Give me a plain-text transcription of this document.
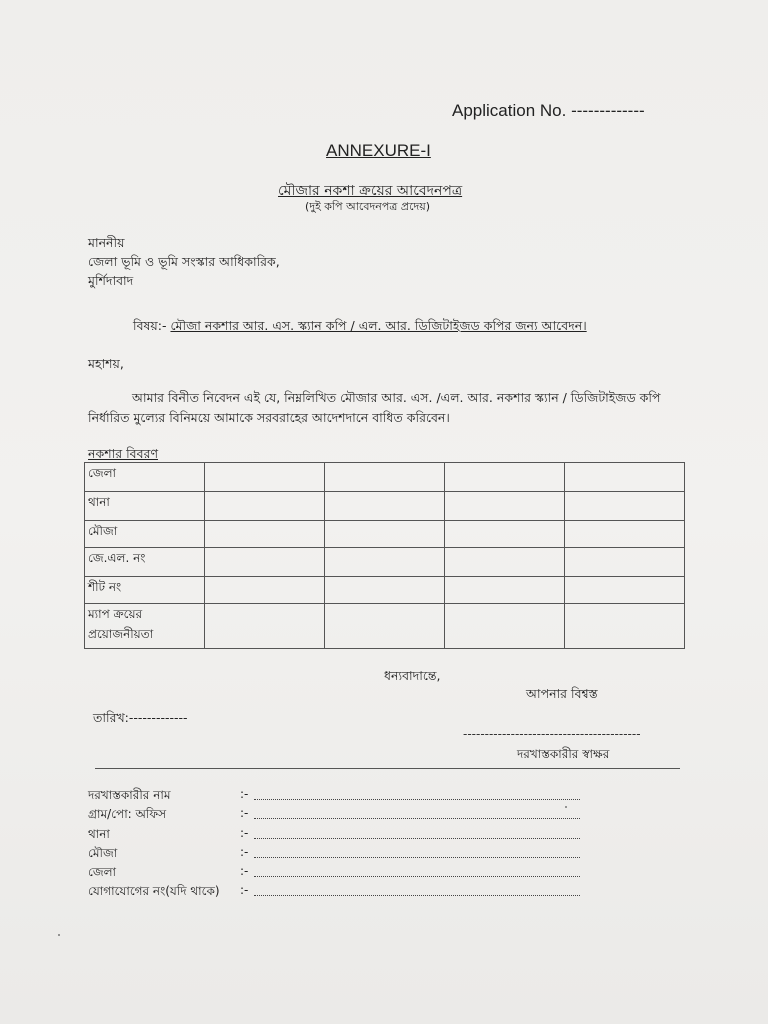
Application No. -------------
ANNEXURE-I
মৌজার নকশা ক্রয়ের আবেদনপত্র
(দুই কপি আবেদনপত্র প্রদেয়)
মাননীয়
জেলা ভূমি ও ভূমি সংস্কার আধিকারিক,
মুর্শিদাবাদ
বিষয়:- মৌজা নকশার আর. এস. স্ক্যান কপি / এল. আর. ডিজিটাইজড কপির জন্য আবেদন।
মহাশয়,
আমার বিনীত নিবেদন এই যে, নিম্নলিখিত মৌজার আর. এস. /এল. আর. নকশার স্ক্যান / ডিজিটাইজড কপি নির্ধারিত মুল্যের বিনিময়ে আমাকে সরবরাহের আদেশদানে বাধিত করিবেন।
নকশার বিবরণ
জেলা				
থানা				
মৌজা				
জে.এল. নং				
শীট নং				
ম্যাপ ক্রয়ের প্রয়োজনীয়তা				
ধন্যবাদান্তে,
আপনার বিশ্বস্ত
তারিখ:-------------
-----------------------------------------
দরখাস্তকারীর স্বাক্ষর
দরখাস্তকারীর নাম	:-
গ্রাম/পো: অফিস	:-
থানা	:-
মৌজা	:-
জেলা	:-
যোগাযোগের নং(যদি থাকে) :-
